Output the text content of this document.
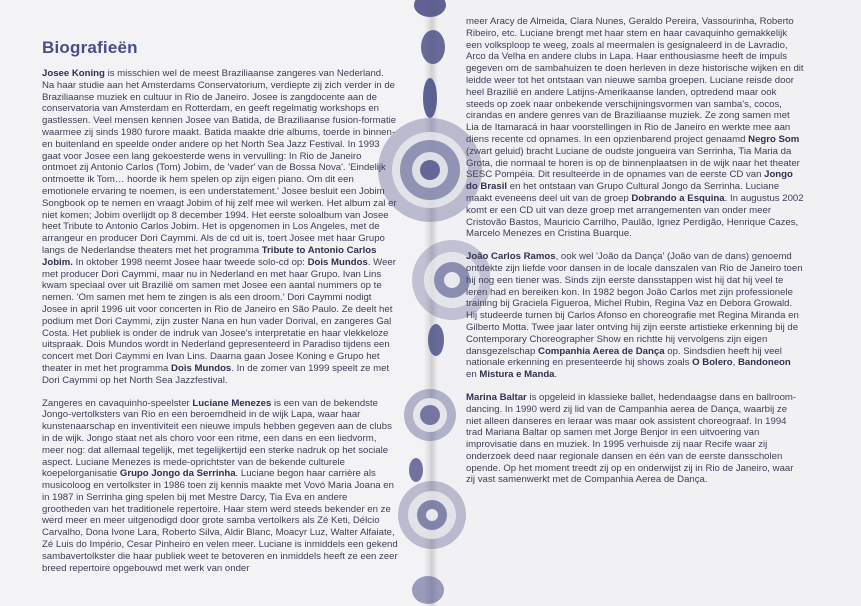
Biografieën

Josee Koning is misschien wel de meest Braziliaanse zangeres van Nederland. Na haar studie aan het Amsterdams Conservatorium, verdiepte zij zich verder in de Braziliaanse muziek en cultuur in Rio de Janeiro. Josee is zangdocente aan de conservatoria van Amsterdam en Rotterdam, en geeft regelmatig workshops en gastlessen. Veel mensen kennen Josee van Batida, de Braziliaanse fusion-formatie waarmee zij sinds 1980 furore maakt. Batida maakte drie albums, toerde in binnen- en buitenland en speelde onder andere op het North Sea Jazz Festival. In 1993 gaat voor Josee een lang gekoesterde wens in vervulling: In Rio de Janeiro ontmoet zij Antonio Carlos (Tom) Jobim, de 'vader' van de Bossa Nova'. 'Eindelijk ontmoette ik Tom… hoorde ik hem spelen op zijn eigen piano. Om dit een emotionele ervaring te noemen, is een understatement.' Josee besluit een Jobim Songbook op te nemen en vraagt Jobim of hij zelf mee wil werken. Het album zal er niet komen; Jobim overlijdt op 8 december 1994. Het eerste soloalbum van Josee heet Tribute to Antonio Carlos Jobim. Het is opgenomen in Los Angeles, met de arrangeur en producer Dori Caymmi. Als de cd uit is, toert Josee met haar Grupo langs de Nederlandse theaters met het programma Tribute to Antonio Carlos Jobim. In oktober 1998 neemt Josee haar tweede solo-cd op: Dois Mundos. Weer met producer Dori Caymmi, maar nu in Nederland en met haar Grupo. Ivan Lins kwam speciaal over uit Brazilië om samen met Josee een aantal nummers op te nemen. 'Om samen met hem te zingen is als een droom.' Dori Caymmi nodigt Josee in april 1996 uit voor concerten in Rio de Janeiro en São Paulo. Ze deelt het podium met Dori Caymmi, zijn zuster Nana en hun vader Dorival, en zangeres Gal Costa. Het publiek is onder de indruk van Josee's interpretatie en haar vlekkeloze uitspraak. Dois Mundos wordt in Nederland gepresenteerd in Paradiso tijdens een concert met Dori Caymmi en Ivan Lins. Daarna gaan Josee Koning e Grupo het theater in met het programma Dois Mundos. In de zomer van 1999 speelt ze met Dori Caymmi op het North Sea Jazzfestival.

Zangeres en cavaquinho-speelster Luciane Menezes is een van de bekendste Jongo-vertolksters van Rio en een beroemdheid in de wijk Lapa, waar haar kunstenaarschap en inventiviteit een nieuwe impuls hebben gegeven aan de clubs in de wijk. Jongo staat net als choro voor een ritme, een dans en een liedvorm, meer nog: dat allemaal tegelijk, met tegelijkertijd een sterke nadruk op het sociale aspect. Luciane Menezes is mede-oprichtster van de bekende culturele koepelorganisatie Grupo Jongo da Serrinha. Luciane begon haar carrière als musicoloog en vertolkster in 1986 toen zij kennis maakte met Vovó Maria Joana en in 1987 in Serrinha ging spelen bij met Mestre Darcy, Tia Eva en andere grootheden van het traditionele repertoire. Haar stem werd steeds bekender en ze werd meer en meer uitgenodigd door grote samba vertolkers als Zé Keti, Délcio Carvalho, Dona Ivone Lara, Roberto Silva, Aldir Blanc, Moacyr Luz, Walter Alfaiate, Zé Luis do Império, Cesar Pinheiro en velen meer. Luciane is inmiddels een gekend sambavertolkster die haar publiek weet te betoveren en inmiddels heeft ze een zeer breed repertoire opgebouwd met werk van onder

meer Aracy de Almeida, Clara Nunes, Geraldo Pereira, Vassourinha, Roberto Ribeiro, etc. Luciane brengt met haar stem en haar cavaquinho gemakkelijk een volksploop te weeg, zoals al meermalen is gesignaleerd in de Lavradio, Arco da Velha en andere clubs in Lapa. Haar enthousiasme heeft de impuls gegeven om de sambahuizen te doen herleven in deze historische wijken en dit leidde weer tot het ontstaan van nieuwe samba groepen. Luciane reisde door heel Brazilië en andere Latijns-Amerikaanse landen, optredend maar ook steeds op zoek naar onbekende verschijningsvormen van samba's, cocos, cirandas en andere genres van de Braziliaanse muziek. Ze zong samen met Lia de Itamaracá in haar voorstellingen in Rio de Janeiro en werkte mee aan diens recente cd opnames. In een opzienbarend project genaamd Negro Som (zwart geluid) bracht Luciane de oudste jongueira van Serrinha, Tia Maria da Grota, die normaal te horen is op de binnenplaatsen in de wijk naar het theater SESC Pompéia. Dit resulteerde in de opnames van de eerste CD van Jongo do Brasil en het ontstaan van Grupo Cultural Jongo da Serrinha. Luciane maakt eveneens deel uit van de groep Dobrando a Esquina. In augustus 2002 komt er een CD uit van deze groep met arrangementen van onder meer Cristovão Bastos, Mauricio Carrilho, Paulão, Ignez Perdigão, Henrique Cazes, Marcelo Menezes en Cristina Buarque.

João Carlos Ramos, ook wel 'João da Dança' (João van de dans) genoemd ontdekte zijn liefde voor dansen in de locale danszalen van Rio de Janeiro toen hij nog een tiener was. Sinds zijn eerste dansstappen wist hij dat hij veel te leren had en bereiken kon. In 1982 begon João Carlos met zijn professionele training bij Graciela Figueroa, Michel Rubin, Regina Vaz en Debora Growald. Hij studeerde turnen bij Carlos Afonso en choreografie met Regina Miranda en Gilberto Motta. Twee jaar later ontving hij zijn eerste artistieke erkenning bij de Contemporary Choreographer Show en richtte hij vervolgens zijn eigen dansgezelschap Companhia Aerea de Dança op. Sindsdien heeft hij veel nationale erkenning en presenteerde hij shows zoals O Bolero, Bandoneon en Mistura e Manda.

Marina Baltar is opgeleid in klassieke ballet, hedendaagse dans en ballroom-dancing. In 1990 werd zij lid van de Campanhia aerea de Dança, waarbij ze niet alleen danseres en leraar was maar ook assistent choreograaf. In 1994 trad Mariana Baltar op samen met Jorge Benjor in een uitvoering van improvisatie dans en muziek. In 1995 verhuisde zij naar Recife waar zij onderzoek deed naar regionale dansen en één van de eerste dansscholen opende. Op het moment treedt zij op en onderwijst zij in Rio de Janeiro, waar zij vast samenwerkt met de Companhia Aerea de Dança.
